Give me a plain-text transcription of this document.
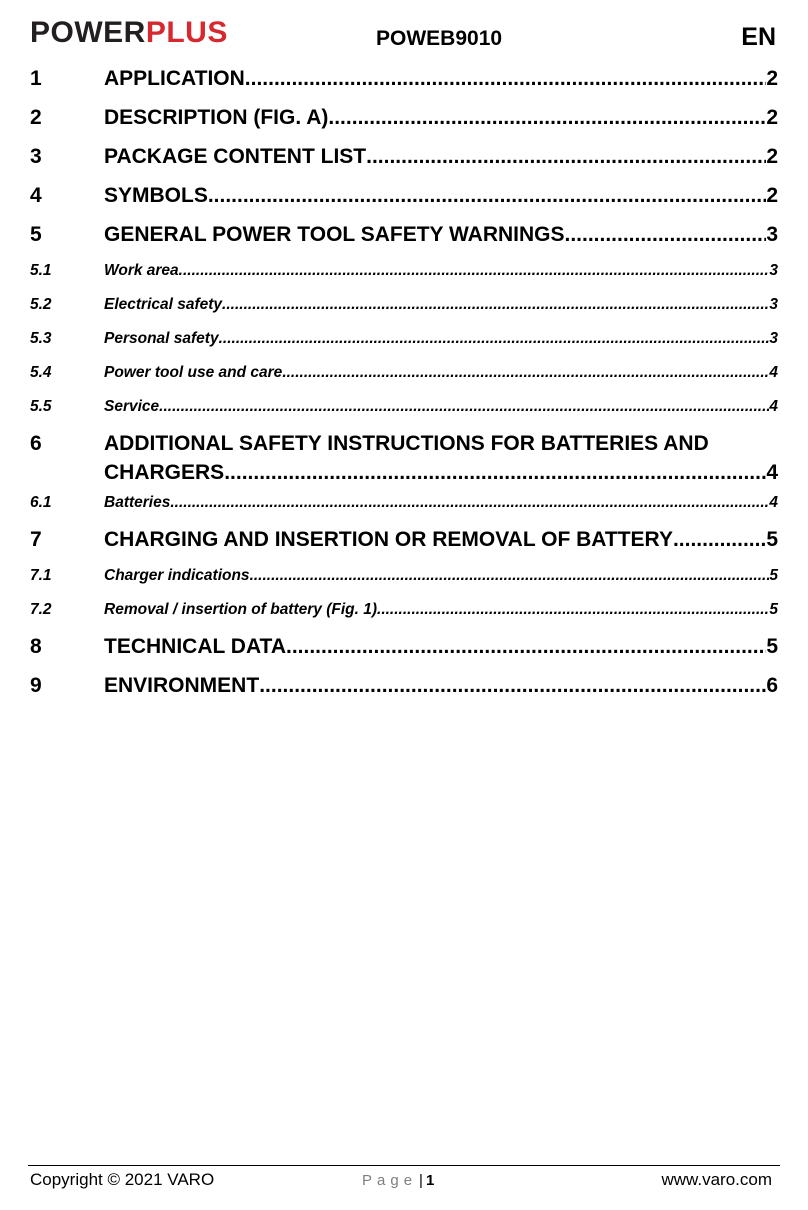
POWERPLUS	POWEB9010	EN
1	APPLICATION .....	2
2	DESCRIPTION (FIG. A) .....	2
3	PACKAGE CONTENT LIST .....	2
4	SYMBOLS .....	2
5	GENERAL POWER TOOL SAFETY WARNINGS .....	3
5.1	Work area .....	3
5.2	Electrical safety .....	3
5.3	Personal safety .....	3
5.4	Power tool use and care .....	4
5.5	Service .....	4
6	ADDITIONAL SAFETY INSTRUCTIONS FOR BATTERIES AND
CHARGERS .....	4
6.1	Batteries .....	4
7	CHARGING AND INSERTION OR REMOVAL OF BATTERY .....	5
7.1	Charger indications .....	5
7.2	Removal / insertion of battery (Fig. 1) .....	5
8	TECHNICAL DATA .....	5
9	ENVIRONMENT .....	6
Copyright © 2021 VARO	Page | 1	www.varo.com
